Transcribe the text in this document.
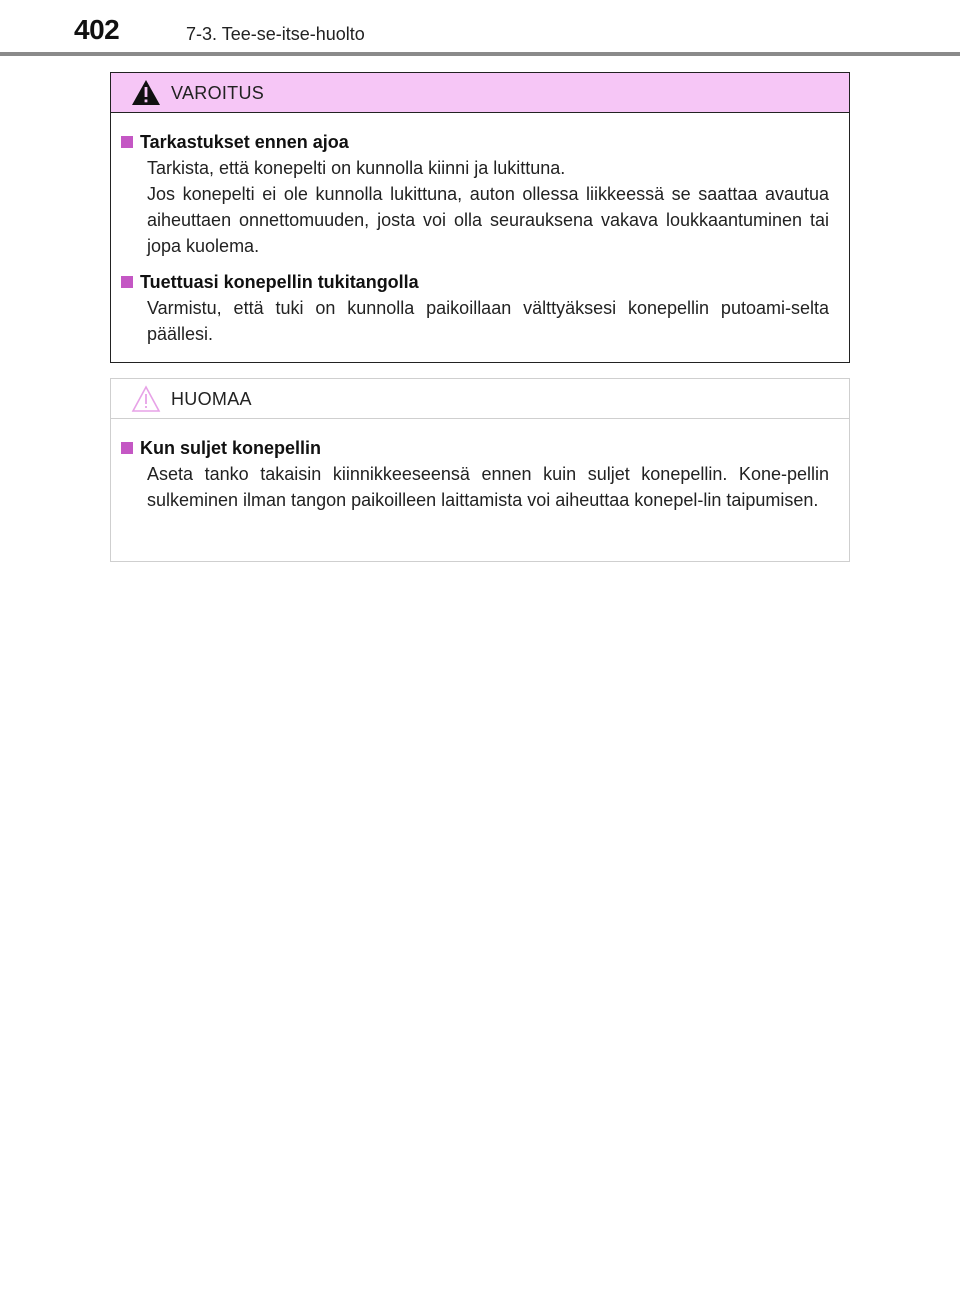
402	7-3. Tee-se-itse-huolto
VAROITUS
Tarkastukset ennen ajoa

Tarkista, että konepelti on kunnolla kiinni ja lukittuna.

Jos konepelti ei ole kunnolla lukittuna, auton ollessa liikkeessä se saattaa avautua aiheuttaen onnettomuuden, josta voi olla seurauksena vakava loukkaantuminen tai jopa kuolema.

Tuettuasi konepellin tukitangolla

Varmistu, että tuki on kunnolla paikoillaan välttyäksesi konepellin putoami-selta päällesi.

HUOMAA
Kun suljet konepellin

Aseta tanko takaisin kiinnikkeeseensä ennen kuin suljet konepellin. Kone-pellin sulkeminen ilman tangon paikoilleen laittamista voi aiheuttaa konepel-lin taipumisen.
